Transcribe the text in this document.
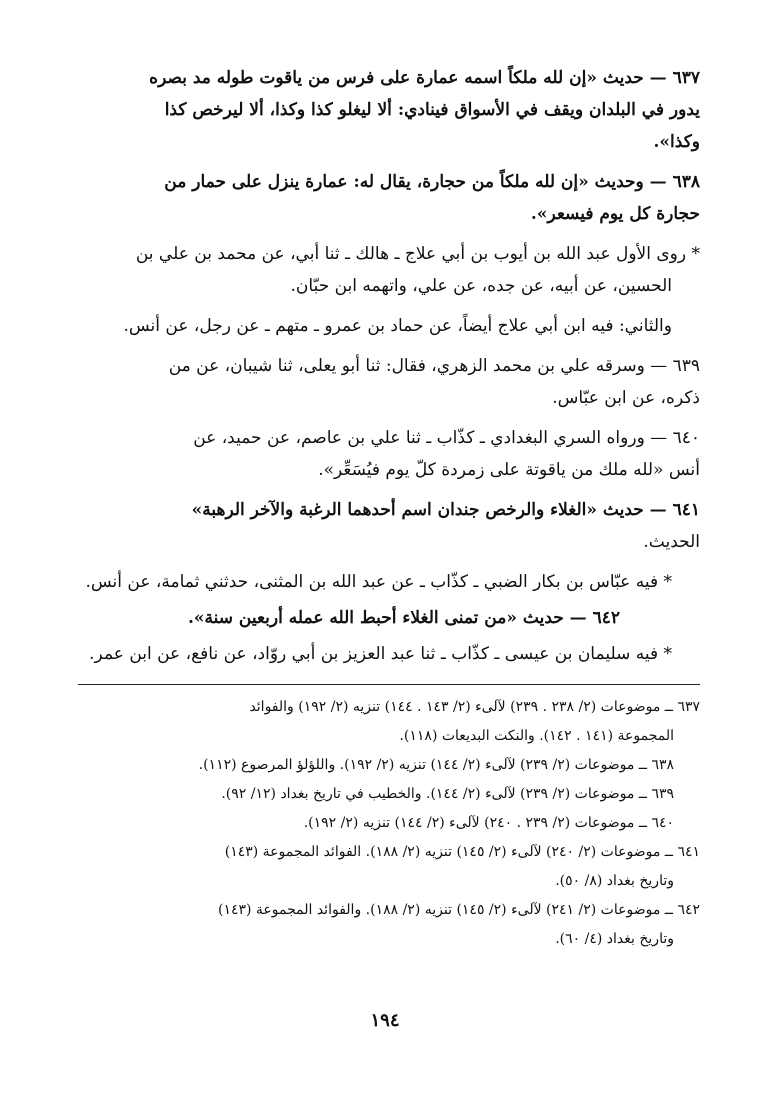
٦٣٧ — حديث «إن لله ملكاً اسمه عمارة على فرس من ياقوت طوله مد بصره

يدور في البلدان ويقف في الأسواق فينادي: ألا ليغلو كذا وكذا، ألا ليرخص كذا

وكذا».

٦٣٨ — وحديث «إن لله ملكاً من حجارة، يقال له: عمارة ينزل على حمار من

حجارة كل يوم فيسعر».

* روى الأول عبد الله بن أيوب بن أبي علاج ـ هالك ـ ثنا أبي، عن محمد بن علي بن

الحسين، عن أبيه، عن جده، عن علي، واتهمه ابن حبّان.

والثاني: فيه ابن أبي علاج أيضاً، عن حماد بن عمرو ـ متهم ـ عن رجل، عن أنس.

٦٣٩ — وسرقه علي بن محمد الزهري، فقال: ثنا أبو يعلى، ثنا شيبان، عن من

ذكره، عن ابن عبّاس.

٦٤٠ — ورواه السري البغدادي ـ كذّاب ـ ثنا علي بن عاصم، عن حميد، عن

أنس «لله ملك من ياقوتة على زمردة كلّ يوم فيُسَعِّر».

٦٤١ — حديث «الغلاء والرخص جندان اسم أحدهما الرغبة والآخر الرهبة»

الحديث.

* فيه عبّاس بن بكار الضبي ـ كذّاب ـ عن عبد الله بن المثنى، حدثني ثمامة، عن أنس.

٦٤٢ — حديث «من تمنى الغلاء أحبط الله عمله أربعين سنة».

* فيه سليمان بن عيسى ـ كذّاب ـ ثنا عبد العزيز بن أبي روّاد، عن نافع، عن ابن عمر.

٦٣٧ ــ موضوعات (٢/ ٢٣٨ . ٢٣٩) لآلىء (٢/ ١٤٣ . ١٤٤) تنزيه (٢/ ١٩٢) والفوائد

المجموعة (١٤١ . ١٤٢). والنكت البديعات (١١٨).

٦٣٨ ــ موضوعات (٢/ ٢٣٩) لآلىء (٢/ ١٤٤) تنزيه (٢/ ١٩٢). واللؤلؤ المرصوع (١١٢).

٦٣٩ ــ موضوعات (٢/ ٢٣٩) لآلىء (٢/ ١٤٤). والخطيب في تاريخ بغداد (١٢/ ٩٢).

٦٤٠ ــ موضوعات (٢/ ٢٣٩ . ٢٤٠) لآلىء (٢/ ١٤٤) تنزيه (٢/ ١٩٢).

٦٤١ ــ موضوعات (٢/ ٢٤٠) لآلىء (٢/ ١٤٥) تنزيه (٢/ ١٨٨). الفوائد المجموعة (١٤٣)

وتاريخ بغداد (٨/ ٥٠).

٦٤٢ ــ موضوعات (٢/ ٢٤١) لآلىء (٢/ ١٤٥) تنزيه (٢/ ١٨٨). والفوائد المجموعة (١٤٣)

وتاريخ بغداد (٤/ ٦٠).

١٩٤
